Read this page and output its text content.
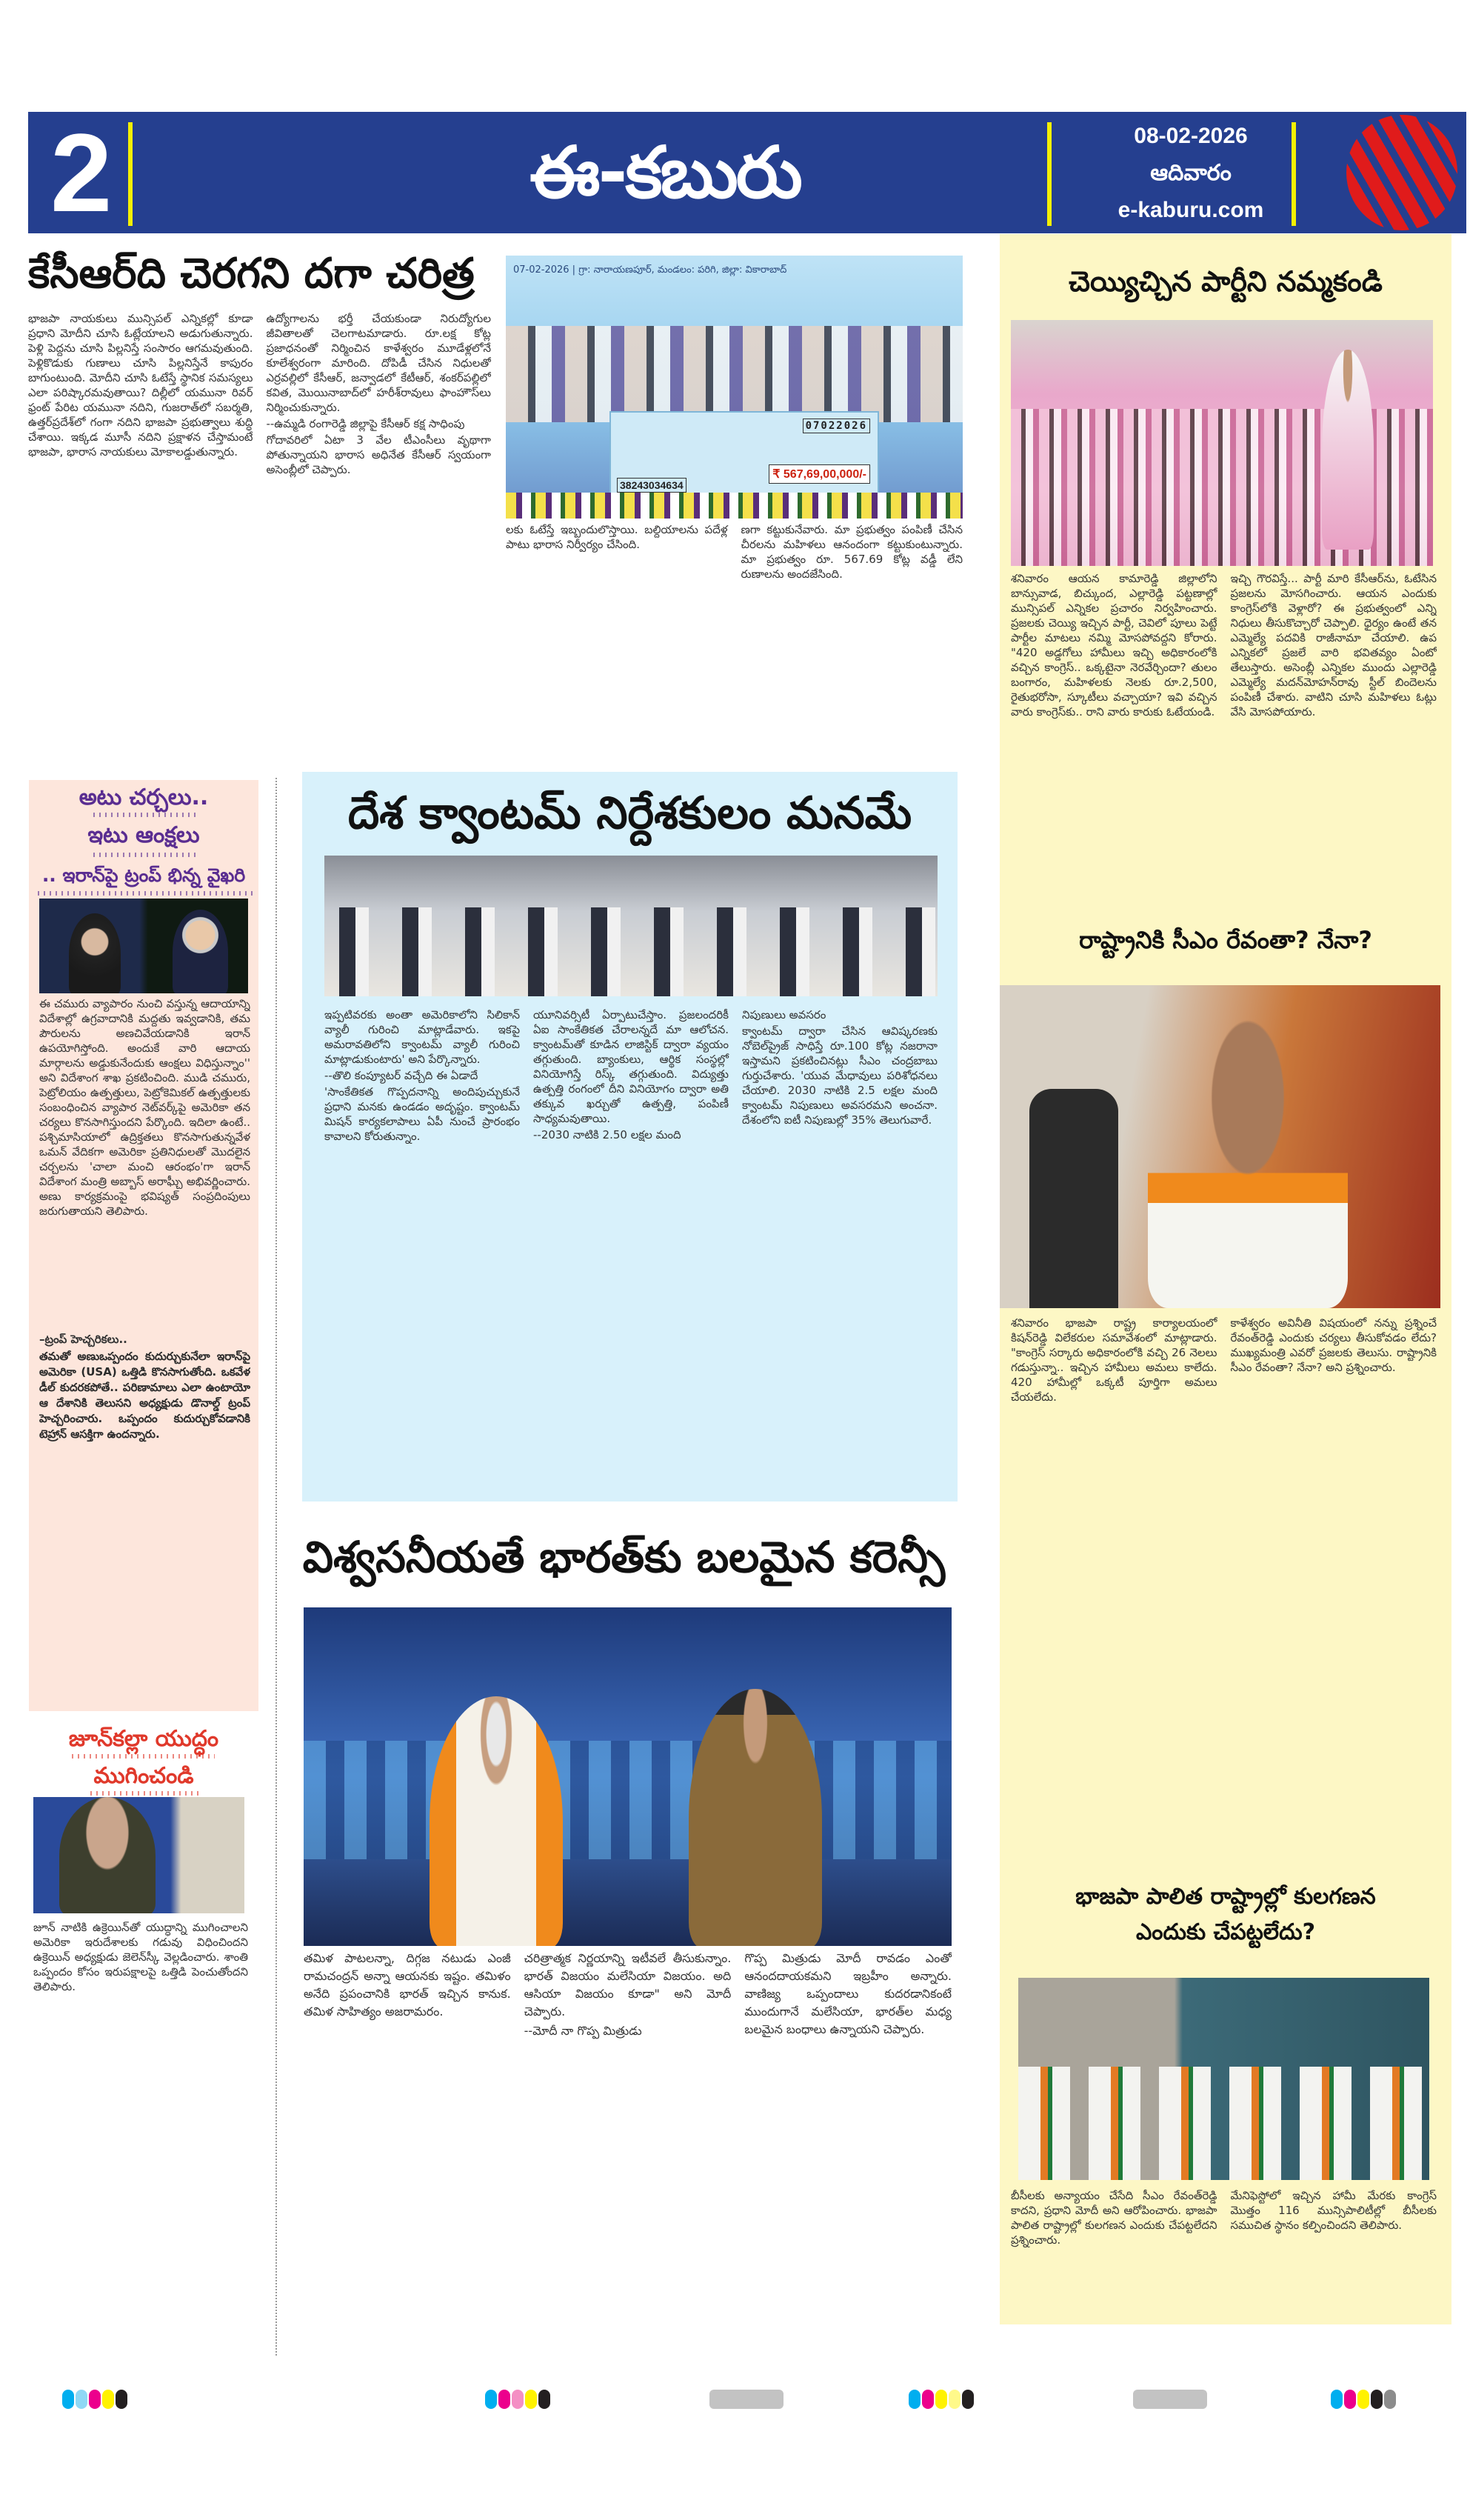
2	ఈ-కబురు	08-02-2026
ఆదివారం
e-kaburu.com
కేసీఆర్‌ది చెరగని దగా చరిత్ర

భాజపా నాయకులు మున్సిపల్ ఎన్నికల్లో కూడా ప్రధాని మోదీని చూసి ఓట్లేయాలని అడుగుతున్నారు. పెళ్లి పెద్దను చూసి పిల్లనిస్తే సంసారం ఆగమవుతుంది. పెళ్లికొడుకు గుణాలు చూసి పిల్లనిస్తేనే కాపురం బాగుంటుంది. మోదీని చూసి ఓటేస్తే స్థానిక సమస్యలు ఎలా పరిష్కారమవుతాయి? దిల్లీలో యమునా రివర్ ఫ్రంట్ పేరిట యమునా నదిని, గుజరాత్‌లో సబర్మతి, ఉత్తర్‌ప్రదేశ్‌లో గంగా నదిని భాజపా ప్రభుత్వాలు శుద్ధి చేశాయి. ఇక్కడ మూసీ నదిని ప్రక్షాళన చేస్తామంటే భాజపా, భారాస నాయకులు మోకాలడ్డుతున్నారు.

ఉద్యోగాలను భర్తీ చేయకుండా నిరుద్యోగుల జీవితాలతో చెలగాటమాడారు. రూ.లక్ష కోట్ల ప్రజాధనంతో నిర్మించిన కాళేశ్వరం మూడేళ్లలోనే కూలేశ్వరంగా మారింది. దోపిడీ చేసిన నిధులతో ఎర్రవల్లిలో కేసీఆర్, జన్వాడలో కేటీఆర్, శంకర్‌పల్లిలో కవిత, మొయినాబాద్‌లో హరీశ్‌రావులు ఫాంహౌస్‌లు నిర్మించుకున్నారు.

--ఉమ్మడి రంగారెడ్డి జిల్లాపై కేసీఆర్ కక్ష సాధింపు

గోదావరిలో ఏటా 3 వేల టీఎంసీలు వృథాగా పోతున్నాయని భారాస అధినేత కేసీఆర్ స్వయంగా అసెంబ్లీలో చెప్పారు.

07-02-2026 | గ్రా: నారాయణపూర్, మండలం: పరిగి, జిల్లా: వికారాబాద్
07022026
₹ 567,69,00,000/-
38243034634

లకు ఓటేస్తే ఇబ్బందులొస్తాయి. బల్దియాలను పదేళ్ల పాటు భారాస నిర్వీర్యం చేసింది.

ణగా కట్టుకునేవారు. మా ప్రభుత్వం పంపిణీ చేసిన చీరలను మహిళలు ఆనందంగా కట్టుకుంటున్నారు. మా ప్రభుత్వం రూ. 567.69 కోట్ల వడ్డీ లేని రుణాలను అందజేసింది.

అటు చర్చలు..
ఇటు ఆంక్షలు
.. ఇరాన్‌పై ట్రంప్ భిన్న వైఖరి

ఈ చమురు వ్యాపారం నుంచి వస్తున్న ఆదాయాన్ని విదేశాల్లో ఉగ్రవాదానికి మద్దతు ఇవ్వడానికి, తమ పౌరులను అణచివేయడానికి ఇరాన్ ఉపయోగిస్తోంది. అందుకే వారి ఆదాయ మార్గాలను అడ్డుకునేందుకు ఆంక్షలు విధిస్తున్నాం'' అని విదేశాంగ శాఖ ప్రకటించింది. ముడి చమురు, పెట్రోలియం ఉత్పత్తులు, పెట్రోకెమికల్ ఉత్పత్తులకు సంబంధించిన వ్యాపార నెట్‌వర్క్‌పై అమెరికా తన చర్యలు కొనసాగిస్తుందని పేర్కొంది. ఇదిలా ఉంటే.. పశ్చిమాసియాలో ఉద్రిక్తతలు కొనసాగుతున్నవేళ ఒమన్ వేదికగా అమెరికా ప్రతినిధులతో మొదలైన చర్చలను 'చాలా మంచి ఆరంభం'గా ఇరాన్ విదేశాంగ మంత్రి అబ్బాస్ అరాఘ్చీ అభివర్ణించారు. అణు కార్యక్రమంపై భవిష్యత్ సంప్రదింపులు జరుగుతాయని తెలిపారు.

–ట్రంప్ హెచ్చరికలు..
తమతో అణుఒప్పందం కుదుర్చుకునేలా ఇరాన్‌పై అమెరికా (USA) ఒత్తిడి కొనసాగుతోంది. ఒకవేళ డీల్ కుదరకపోతే.. పరిణామాలు ఎలా ఉంటాయో ఆ దేశానికి తెలుసని అధ్యక్షుడు డొనాల్డ్ ట్రంప్ హెచ్చరించారు. ఒప్పందం కుదుర్చుకోవడానికి టెహ్రాన్ ఆసక్తిగా ఉందన్నారు.
జూన్‌కల్లా యుద్ధం
ముగించండి

జూన్ నాటికి ఉక్రెయిన్‌తో యుద్ధాన్ని ముగించాలని అమెరికా ఇరుదేశాలకు గడువు విధించిందని ఉక్రెయిన్ అధ్యక్షుడు జెలెన్‌స్కీ వెల్లడించారు. శాంతి ఒప్పందం కోసం ఇరుపక్షాలపై ఒత్తిడి పెంచుతోందని తెలిపారు.

దేశ క్వాంటమ్ నిర్దేశకులం మనమే

ఇప్పటివరకు అంతా అమెరికాలోని సిలికాన్ వ్యాలీ గురించి మాట్లాడేవారు. ఇకపై అమరావతిలోని క్వాంటమ్ వ్యాలీ గురించి మాట్లాడుకుంటారు' అని పేర్కొన్నారు.

--తొలి కంప్యూటర్ వచ్చేది ఈ ఏడాదే

'సాంకేతికత గొప్పదనాన్ని అందిపుచ్చుకునే ప్రధాని మనకు ఉండడం అదృష్టం. క్వాంటమ్ మిషన్ కార్యకలాపాలు ఏపీ నుంచే ప్రారంభం కావాలని కోరుతున్నాం.

యూనివర్సిటీ ఏర్పాటుచేస్తాం. ప్రజలందరికీ ఏఐ సాంకేతికత చేరాలన్నదే మా ఆలోచన. క్వాంటమ్‌తో కూడిన లాజిస్టిక్ ద్వారా వ్యయం తగ్గుతుంది. బ్యాంకులు, ఆర్థిక సంస్థల్లో వినియోగిస్తే రిస్క్ తగ్గుతుంది. విద్యుత్తు ఉత్పత్తి రంగంలో దీని వినియోగం ద్వారా అతి తక్కువ ఖర్చుతో ఉత్పత్తి, పంపిణీ సాధ్యమవుతాయి.

--2030 నాటికి 2.50 లక్షల మంది

నిపుణులు అవసరం

క్వాంటమ్ ద్వారా చేసిన ఆవిష్కరణకు నోబెల్‌ప్రైజ్ సాధిస్తే రూ.100 కోట్ల నజరానా ఇస్తామని ప్రకటించినట్లు సీఎం చంద్రబాబు గుర్తుచేశారు. 'యువ మేధావులు పరిశోధనలు చేయాలి. 2030 నాటికి 2.5 లక్షల మంది క్వాంటమ్ నిపుణులు అవసరమని అంచనా. దేశంలోని ఐటీ నిపుణుల్లో 35% తెలుగువారే.

విశ్వసనీయతే భారత్‌కు బలమైన కరెన్సీ

తమిళ పాటలన్నా, దిగ్గజ నటుడు ఎంజీ రామచంద్రన్ అన్నా ఆయనకు ఇష్టం. తమిళం అనేది ప్రపంచానికి భారత్ ఇచ్చిన కానుక. తమిళ సాహిత్యం అజరామరం.

చరిత్రాత్మక నిర్ణయాన్ని ఇటీవలే తీసుకున్నాం. భారత్ విజయం మలేసియా విజయం. అది ఆసియా విజయం కూడా" అని మోదీ చెప్పారు.

--మోదీ నా గొప్ప మిత్రుడు

గొప్ప మిత్రుడు మోదీ రావడం ఎంతో ఆనందదాయకమని ఇబ్రహీం అన్నారు. వాణిజ్య ఒప్పందాలు కుదరడానికంటే ముందుగానే మలేసియా, భారత్‌ల మధ్య బలమైన బంధాలు ఉన్నాయని చెప్పారు.

చెయ్యిచ్చిన పార్టీని నమ్మకండి

శనివారం ఆయన కామారెడ్డి జిల్లాలోని బాన్సువాడ, బిచ్కుంద, ఎల్లారెడ్డి పట్టణాల్లో మున్సిపల్ ఎన్నికల ప్రచారం నిర్వహించారు. ప్రజలకు చెయ్యి ఇచ్చిన పార్టీ, చెవిలో పూలు పెట్టే పార్టీల మాటలు నమ్మి మోసపోవద్దని కోరారు. "420 అడ్డగోలు హామీలు ఇచ్చి అధికారంలోకి వచ్చిన కాంగ్రెస్.. ఒక్కటైనా నెరవేర్చిందా? తులం బంగారం, మహిళలకు నెలకు రూ.2,500, రైతుభరోసా, స్కూటీలు వచ్చాయా? ఇవి వచ్చిన వారు కాంగ్రెస్‌కు.. రాని వారు కారుకు ఓటేయండి.

ఇచ్చి గౌరవిస్తే... పార్టీ మారి కేసీఆర్‌ను, ఓటేసిన ప్రజలను మోసగించారు. ఆయన ఎందుకు కాంగ్రెస్‌లోకి వెళ్లారో? ఈ ప్రభుత్వంలో ఎన్ని నిధులు తీసుకొచ్చారో చెప్పాలి. ధైర్యం ఉంటే తన ఎమ్మెల్యే పదవికి రాజీనామా చేయాలి. ఉప ఎన్నికలో ప్రజలే వారి భవితవ్యం ఏంటో తేలుస్తారు. అసెంబ్లీ ఎన్నికల ముందు ఎల్లారెడ్డి ఎమ్మెల్యే మదన్‌మోహన్‌రావు స్టీల్ బిందెలను పంపిణీ చేశారు. వాటిని చూసి మహిళలు ఓట్లు వేసి మోసపోయారు.

రాష్ట్రానికి సీఎం రేవంతా? నేనా?

శనివారం భాజపా రాష్ట్ర కార్యాలయంలో కిషన్‌రెడ్డి విలేకరుల సమావేశంలో మాట్లాడారు. "కాంగ్రెస్ సర్కారు అధికారంలోకి వచ్చి 26 నెలలు గడుస్తున్నా.. ఇచ్చిన హామీలు అమలు కాలేదు. 420 హామీల్లో ఒక్కటీ పూర్తిగా అమలు చేయలేదు.

కాళేశ్వరం అవినీతి విషయంలో నన్ను ప్రశ్నించే రేవంత్‌రెడ్డి ఎందుకు చర్యలు తీసుకోవడం లేదు? ముఖ్యమంత్రి ఎవరో ప్రజలకు తెలుసు. రాష్ట్రానికి సీఎం రేవంతా? నేనా? అని ప్రశ్నించారు.

భాజపా పాలిత రాష్ట్రాల్లో కులగణన
ఎందుకు చేపట్టలేదు?

బీసీలకు అన్యాయం చేసేది సీఎం రేవంత్‌రెడ్డి కాదని, ప్రధాని మోదీ అని ఆరోపించారు. భాజపా పాలిత రాష్ట్రాల్లో కులగణన ఎందుకు చేపట్టలేదని ప్రశ్నించారు.

మేనిఫెస్టోలో ఇచ్చిన హామీ మేరకు కాంగ్రెస్ మొత్తం 116 మున్సిపాలిటీల్లో బీసీలకు సముచిత స్థానం కల్పించిందని తెలిపారు.
